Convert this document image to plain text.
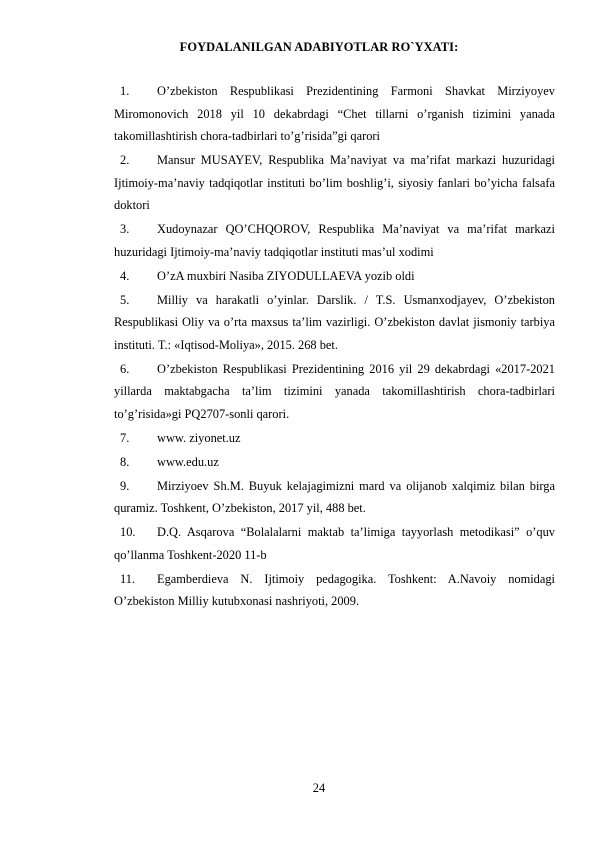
FOYDALANILGAN ADABIYOTLAR RO`YXATI:
1. O’zbekiston Respublikasi Prezidentining Farmoni Shavkat Mirziyoyev Miromonovich 2018 yil 10 dekabrdagi “Chet tillarni o’rganish tizimini yanada takomillashtirish chora-tadbirlari to’g’risida”gi qarori
2. Mansur MUSAYEV, Respublika Ma’naviyat va ma’rifat markazi huzuridagi Ijtimoiy-ma’naviy tadqiqotlar instituti bo’lim boshlig’i, siyosiy fanlari bo’yicha falsafa doktori
3. Xudoynazar QO’CHQOROV, Respublika Ma’naviyat va ma’rifat markazi huzuridagi Ijtimoiy-ma’naviy tadqiqotlar instituti mas’ul xodimi
4. O’zA muxbiri Nasiba ZIYODULLAEVA yozib oldi
5. Milliy va harakatli o’yinlar. Darslik. / T.S. Usmanxodjayev, O’zbekiston Respublikasi Oliy va o’rta maxsus ta’lim vazirligi. O’zbekiston davlat jismoniy tarbiya instituti. T.: «Iqtisod-Moliya», 2015. 268 bet.
6. O’zbekiston Respublikasi Prezidentining 2016 yil 29 dekabrdagi «2017-2021 yillarda maktabgacha ta’lim tizimini yanada takomillashtirish chora-tadbirlari to’g’risida»gi PQ2707-sonli qarori.
7. www. ziyonet.uz
8. www.edu.uz
9. Mirziyoev Sh.M. Buyuk kelajagimizni mard va olijanob xalqimiz bilan birga quramiz. Toshkent, O’zbekiston, 2017 yil, 488 bet.
10. D.Q. Asqarova “Bolalalarni maktab ta’limiga tayyorlash metodikasi” o’quv qo’llanma Toshkent-2020 11-b
11. Egamberdieva N. Ijtimoiy pedagogika. Toshkent: A.Navoiy nomidagi O’zbekiston Milliy kutubxonasi nashriyoti, 2009.
24
